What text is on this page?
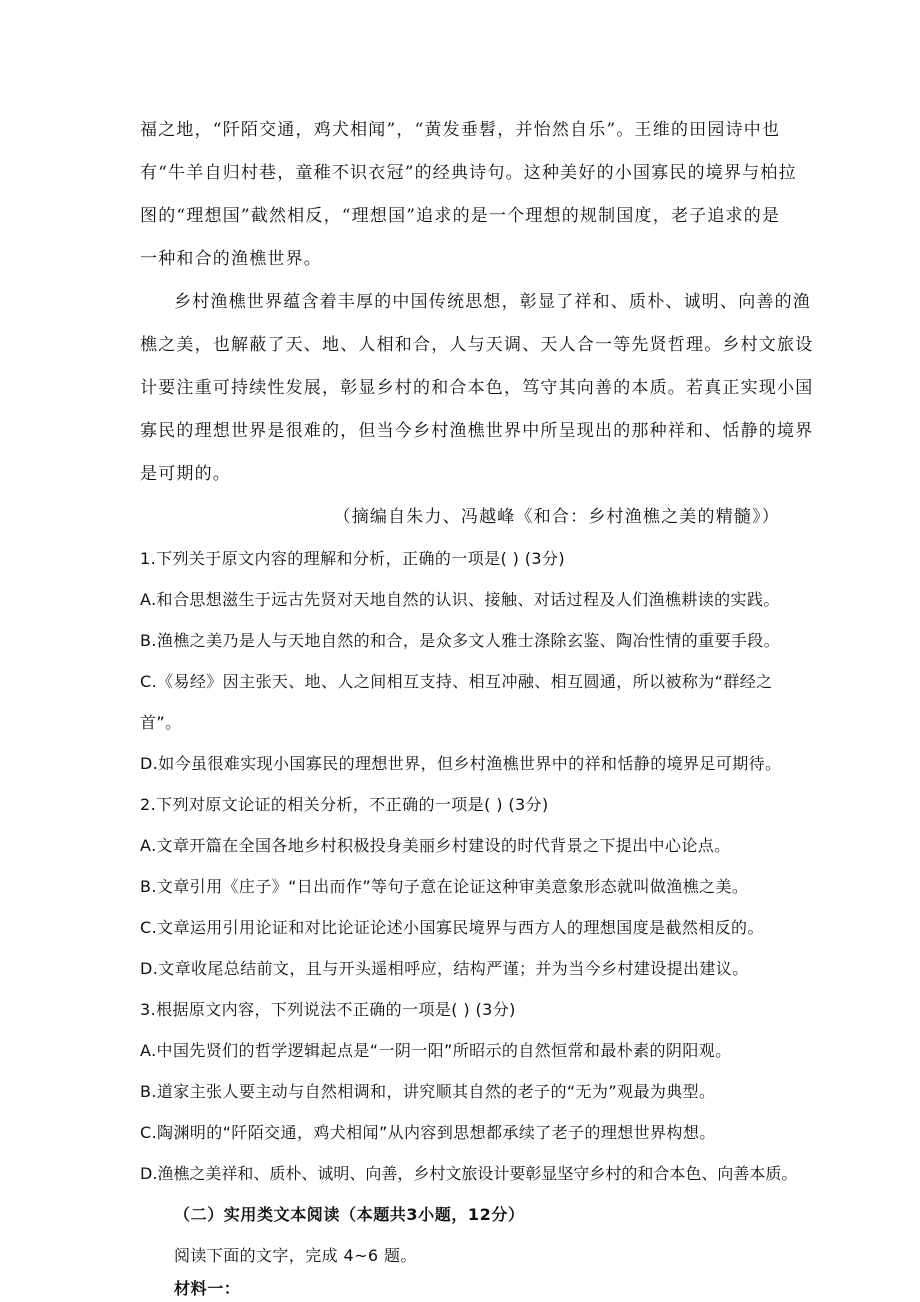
福之地，“阡陌交通，鸡犬相闻”，“黄发垂髫，并怡然自乐”。王维的田园诗中也
有“牛羊自归村巷，童稚不识衣冠”的经典诗句。这种美好的小国寡民的境界与柏拉
图的“理想国”截然相反，“理想国”追求的是一个理想的规制国度，老子追求的是
一种和合的渔樵世界。
乡村渔樵世界蕴含着丰厚的中国传统思想，彰显了祥和、质朴、诚明、向善的渔
樵之美，也解蔽了天、地、人相和合，人与天调、天人合一等先贤哲理。乡村文旅设
计要注重可持续性发展，彰显乡村的和合本色，笃守其向善的本质。若真正实现小国
寡民的理想世界是很难的，但当今乡村渔樵世界中所呈现出的那种祥和、恬静的境界
是可期的。
（摘编自朱力、冯越峰《和合：乡村渔樵之美的精髓》）
1.下列关于原文内容的理解和分析，正确的一项是( ) (3分)
A.和合思想滋生于远古先贤对天地自然的认识、接触、对话过程及人们渔樵耕读的实践。
B.渔樵之美乃是人与天地自然的和合，是众多文人雅士涤除玄鉴、陶冶性情的重要手段。
C.《易经》因主张天、地、人之间相互支持、相互冲融、相互圆通，所以被称为“群经之
首”。
D.如今虽很难实现小国寡民的理想世界，但乡村渔樵世界中的祥和恬静的境界足可期待。
2.下列对原文论证的相关分析，不正确的一项是( ) (3分)
A.文章开篇在全国各地乡村积极投身美丽乡村建设的时代背景之下提出中心论点。
B.文章引用《庄子》“日出而作”等句子意在论证这种审美意象形态就叫做渔樵之美。
C.文章运用引用论证和对比论证论述小国寡民境界与西方人的理想国度是截然相反的。
D.文章收尾总结前文，且与开头遥相呼应，结构严谨；并为当今乡村建设提出建议。
3.根据原文内容，下列说法不正确的一项是( ) (3分)
A.中国先贤们的哲学逻辑起点是“一阴一阳”所昭示的自然恒常和最朴素的阴阳观。
B.道家主张人要主动与自然相调和，讲究顺其自然的老子的“无为”观最为典型。
C.陶渊明的“阡陌交通，鸡犬相闻”从内容到思想都承续了老子的理想世界构想。
D.渔樵之美祥和、质朴、诚明、向善，乡村文旅设计要彰显坚守乡村的和合本色、向善本质。
（二）实用类文本阅读（本题共3小题，12分）
阅读下面的文字，完成 4~6 题。
材料一：
